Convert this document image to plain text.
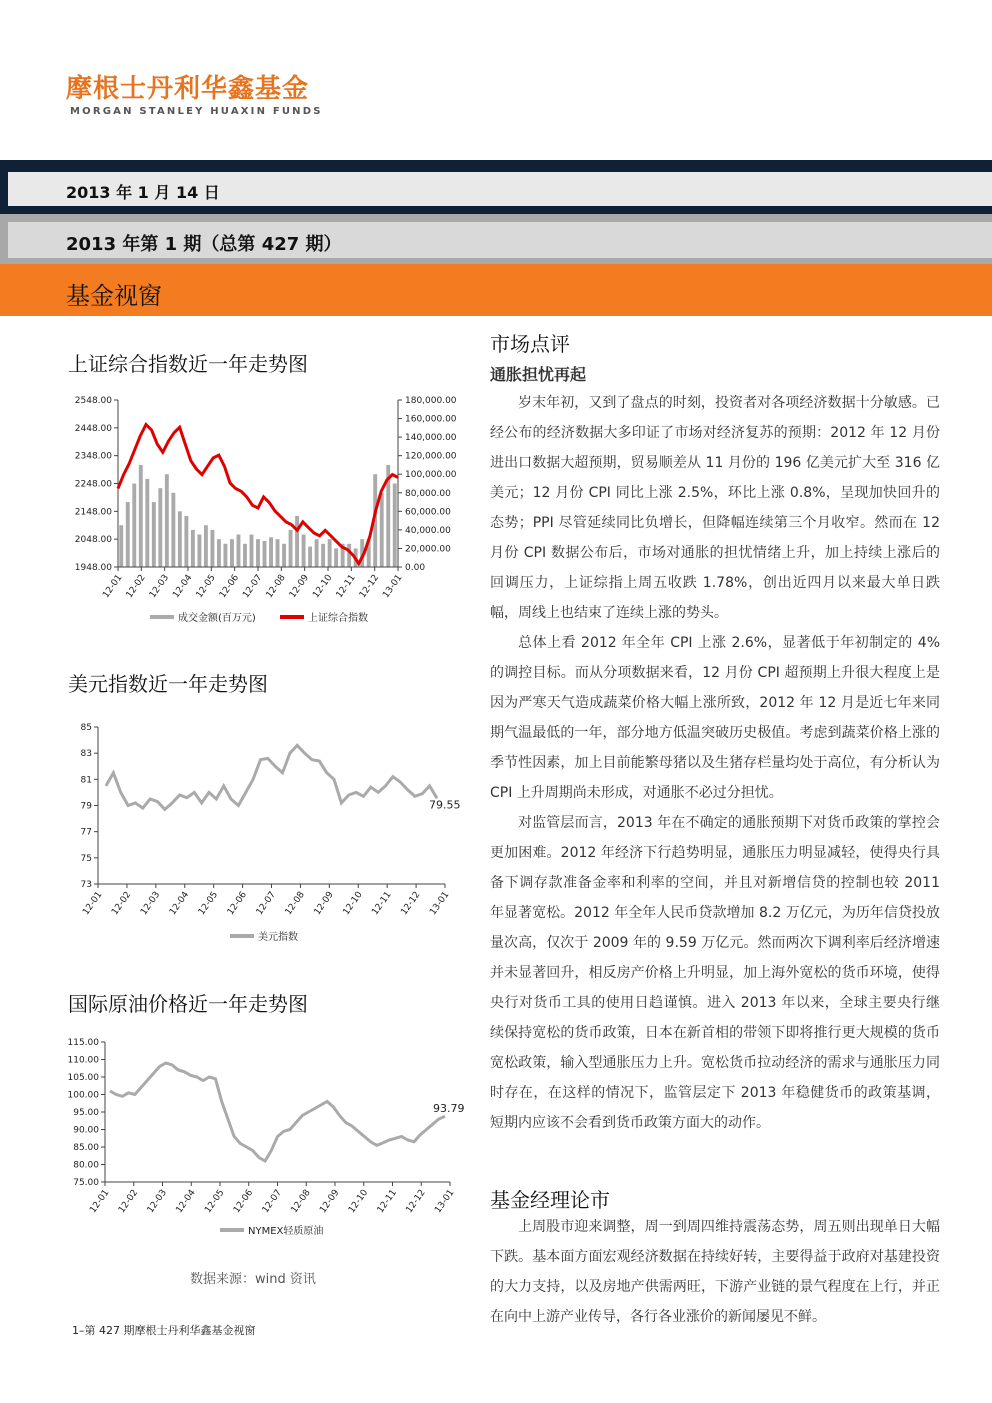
摩根士丹利华鑫基金
MORGAN STANLEY HUAXIN FUNDS
2013 年 1 月 14 日
2013 年第 1 期（总第 427 期）
基金视窗
上证综合指数近一年走势图
2548.00
2448.00
2348.00
2248.00
2148.00
2048.00
1948.00
180,000.00
160,000.00
140,000.00
120,000.00
100,000.00
80,000.00
60,000.00
40,000.00
20,000.00
0.00
12-01 12-02 12-03 12-04 12-05 12-06 12-07 12-08 12-09 12-10 12-11 12-12 13-01
成交金额(百万元)	上证综合指数
美元指数近一年走势图
85
83
81
79
77
75
73
12-01 12-02 12-03 12-04 12-05 12-06 12-07 12-08 12-09 12-10 12-11 12-12 13-01
79.55
美元指数
国际原油价格近一年走势图
115.00
110.00
105.00
100.00
95.00
90.00
85.00
80.00
75.00
12-01 12-02 12-03 12-04 12-05 12-06 12-07 12-08 12-09 12-10 12-11 12-12 13-01
93.79
NYMEX轻质原油
数据来源：wind 资讯
1–第 427 期摩根士丹利华鑫基金视窗
市场点评
通胀担忧再起

岁末年初，又到了盘点的时刻，投资者对各项经济数据十分敏感。已经公布的经济数据大多印证了市场对经济复苏的预期：2012 年 12 月份进出口数据大超预期，贸易顺差从 11 月份的 196 亿美元扩大至 316 亿美元；12 月份 CPI 同比上涨 2.5%，环比上涨 0.8%，呈现加快回升的态势；PPI 尽管延续同比负增长，但降幅连续第三个月收窄。然而在 12 月份 CPI 数据公布后，市场对通胀的担忧情绪上升，加上持续上涨后的回调压力，上证综指上周五收跌 1.78%，创出近四月以来最大单日跌幅，周线上也结束了连续上涨的势头。

总体上看 2012 年全年 CPI 上涨 2.6%，显著低于年初制定的 4%的调控目标。而从分项数据来看，12 月份 CPI 超预期上升很大程度上是因为严寒天气造成蔬菜价格大幅上涨所致，2012 年 12 月是近七年来同期气温最低的一年，部分地方低温突破历史极值。考虑到蔬菜价格上涨的季节性因素，加上目前能繁母猪以及生猪存栏量均处于高位，有分析认为 CPI 上升周期尚未形成，对通胀不必过分担忧。

对监管层而言，2013 年在不确定的通胀预期下对货币政策的掌控会更加困难。2012 年经济下行趋势明显，通胀压力明显减轻，使得央行具备下调存款准备金率和利率的空间，并且对新增信贷的控制也较 2011 年显著宽松。2012 年全年人民币贷款增加 8.2 万亿元，为历年信贷投放量次高，仅次于 2009 年的 9.59 万亿元。然而两次下调利率后经济增速并未显著回升，相反房产价格上升明显，加上海外宽松的货币环境，使得央行对货币工具的使用日趋谨慎。进入 2013 年以来，全球主要央行继续保持宽松的货币政策，日本在新首相的带领下即将推行更大规模的货币宽松政策，输入型通胀压力上升。宽松货币拉动经济的需求与通胀压力同时存在，在这样的情况下，监管层定下 2013 年稳健货币的政策基调，短期内应该不会看到货币政策方面大的动作。

基金经理论市

上周股市迎来调整，周一到周四维持震荡态势，周五则出现单日大幅下跌。基本面方面宏观经济数据在持续好转，主要得益于政府对基建投资的大力支持，以及房地产供需两旺，下游产业链的景气程度在上行，并正在向中上游产业传导，各行各业涨价的新闻屡见不鲜。
